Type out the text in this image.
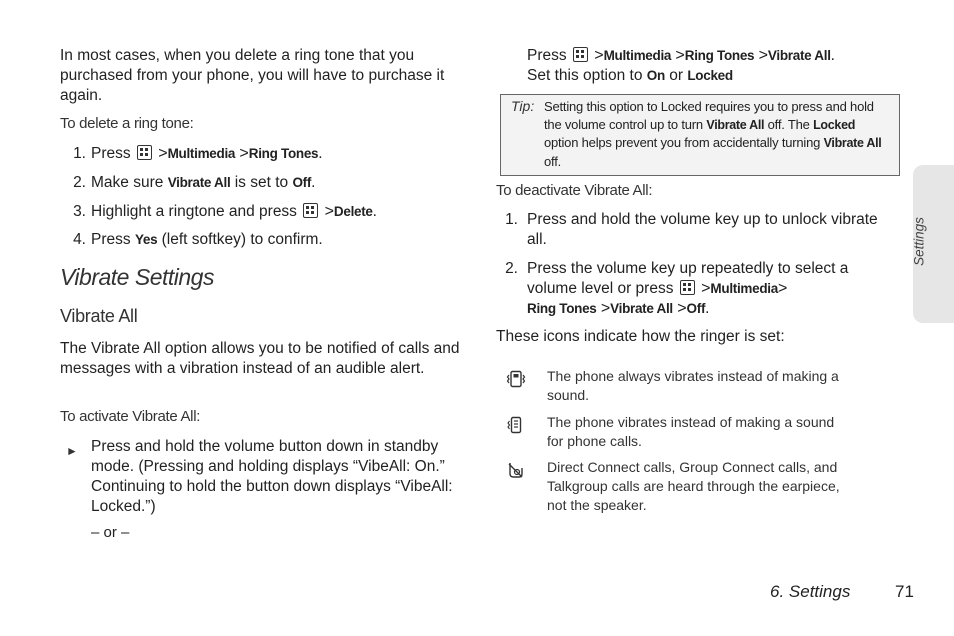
In most cases, when you delete a ring tone that you purchased from your phone, you will have to purchase it again.
To delete a ring tone:
1. Press >Multimedia >Ring Tones.
2. Make sure Vibrate All is set to Off.
3. Highlight a ringtone and press >Delete.
4. Press Yes (left softkey) to confirm.
Vibrate Settings
Vibrate All
The Vibrate All option allows you to be notified of calls and messages with a vibration instead of an audible alert.
To activate Vibrate All:
► Press and hold the volume button down in standby mode. (Pressing and holding displays “VibeAll: On.” Continuing to hold the button down displays “VibeAll: Locked.”)
– or –
Press >Multimedia >Ring Tones >Vibrate All.
Set this option to On or Locked
Tip: Setting this option to Locked requires you to press and hold the volume control up to turn Vibrate All off. The Locked option helps prevent you from accidentally turning Vibrate All off.
To deactivate Vibrate All:
1. Press and hold the volume key up to unlock vibrate all.
2. Press the volume key up repeatedly to select a volume level or press >Multimedia>
Ring Tones >Vibrate All >Off.
These icons indicate how the ringer is set:
The phone always vibrates instead of making a sound.
The phone vibrates instead of making a sound for phone calls.
Direct Connect calls, Group Connect calls, and Talkgroup calls are heard through the earpiece, not the speaker.
Settings
6. Settings	71
